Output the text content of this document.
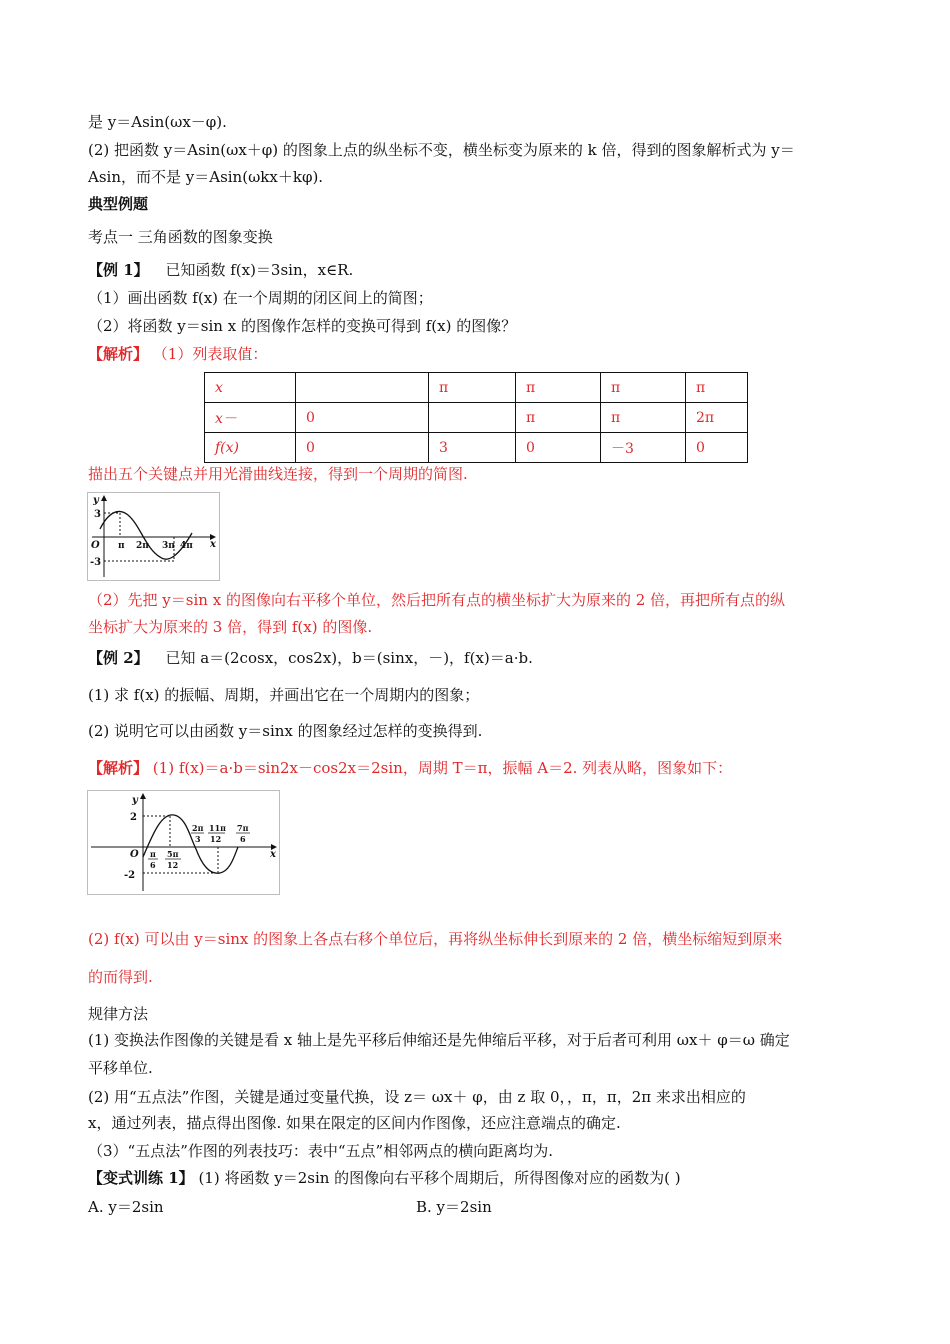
是 y＝Asin(ωx－φ).
(2) 把函数 y＝Asin(ωx＋φ) 的图象上点的纵坐标不变，横坐标变为原来的 k 倍，得到的图象解析式为 y＝
Asin，而不是 y＝Asin(ωkx＋kφ).
典型例题
考点一 三角函数的图象变换
【例 1】 已知函数 f(x)＝3sin，x∈R.
（1）画出函数 f(x) 在一个周期的闭区间上的简图；
（2）将函数 y＝sin x 的图像作怎样的变换可得到 f(x) 的图像？
【解析】 （1）列表取值：
x		π	π	π	π
x－	0		π	π	2π
f(x)	0	3	0	－3	0
描出五个关键点并用光滑曲线连接，得到一个周期的简图.
y
x
O
3
-3
π 2π 3π 4π
（2）先把 y＝sin x 的图像向右平移个单位，然后把所有点的横坐标扩大为原来的 2 倍，再把所有点的纵
坐标扩大为原来的 3 倍，得到 f(x) 的图像.
【例 2】 已知 a＝(2cosx，cos2x)，b＝(sinx，－)，f(x)＝a·b.
(1) 求 f(x) 的振幅、周期，并画出它在一个周期内的图象；
(2) 说明它可以由函数 y＝sinx 的图象经过怎样的变换得到.
【解析】 (1) f(x)＝a·b＝sin2x－cos2x＝2sin，周期 T＝π，振幅 A＝2. 列表从略，图象如下：
y
x
O
2
-2
2π
3
11π
12
7π
6
π
6
5π
12
(2) f(x) 可以由 y＝sinx 的图象上各点右移个单位后，再将纵坐标伸长到原来的 2 倍，横坐标缩短到原来
的而得到.
规律方法
(1) 变换法作图像的关键是看 x 轴上是先平移后伸缩还是先伸缩后平移，对于后者可利用 ωx＋ φ＝ω 确定
平移单位.
(2) 用“五点法”作图，关键是通过变量代换，设 z＝ ωx＋ φ，由 z 取 0，，π，π，2π 来求出相应的
x，通过列表，描点得出图像. 如果在限定的区间内作图像，还应注意端点的确定.
（3）“五点法”作图的列表技巧：表中“五点”相邻两点的横向距离均为.
【变式训练 1】 (1) 将函数 y＝2sin 的图像向右平移个周期后，所得图像对应的函数为( )
A. y＝2sin	B. y＝2sin
